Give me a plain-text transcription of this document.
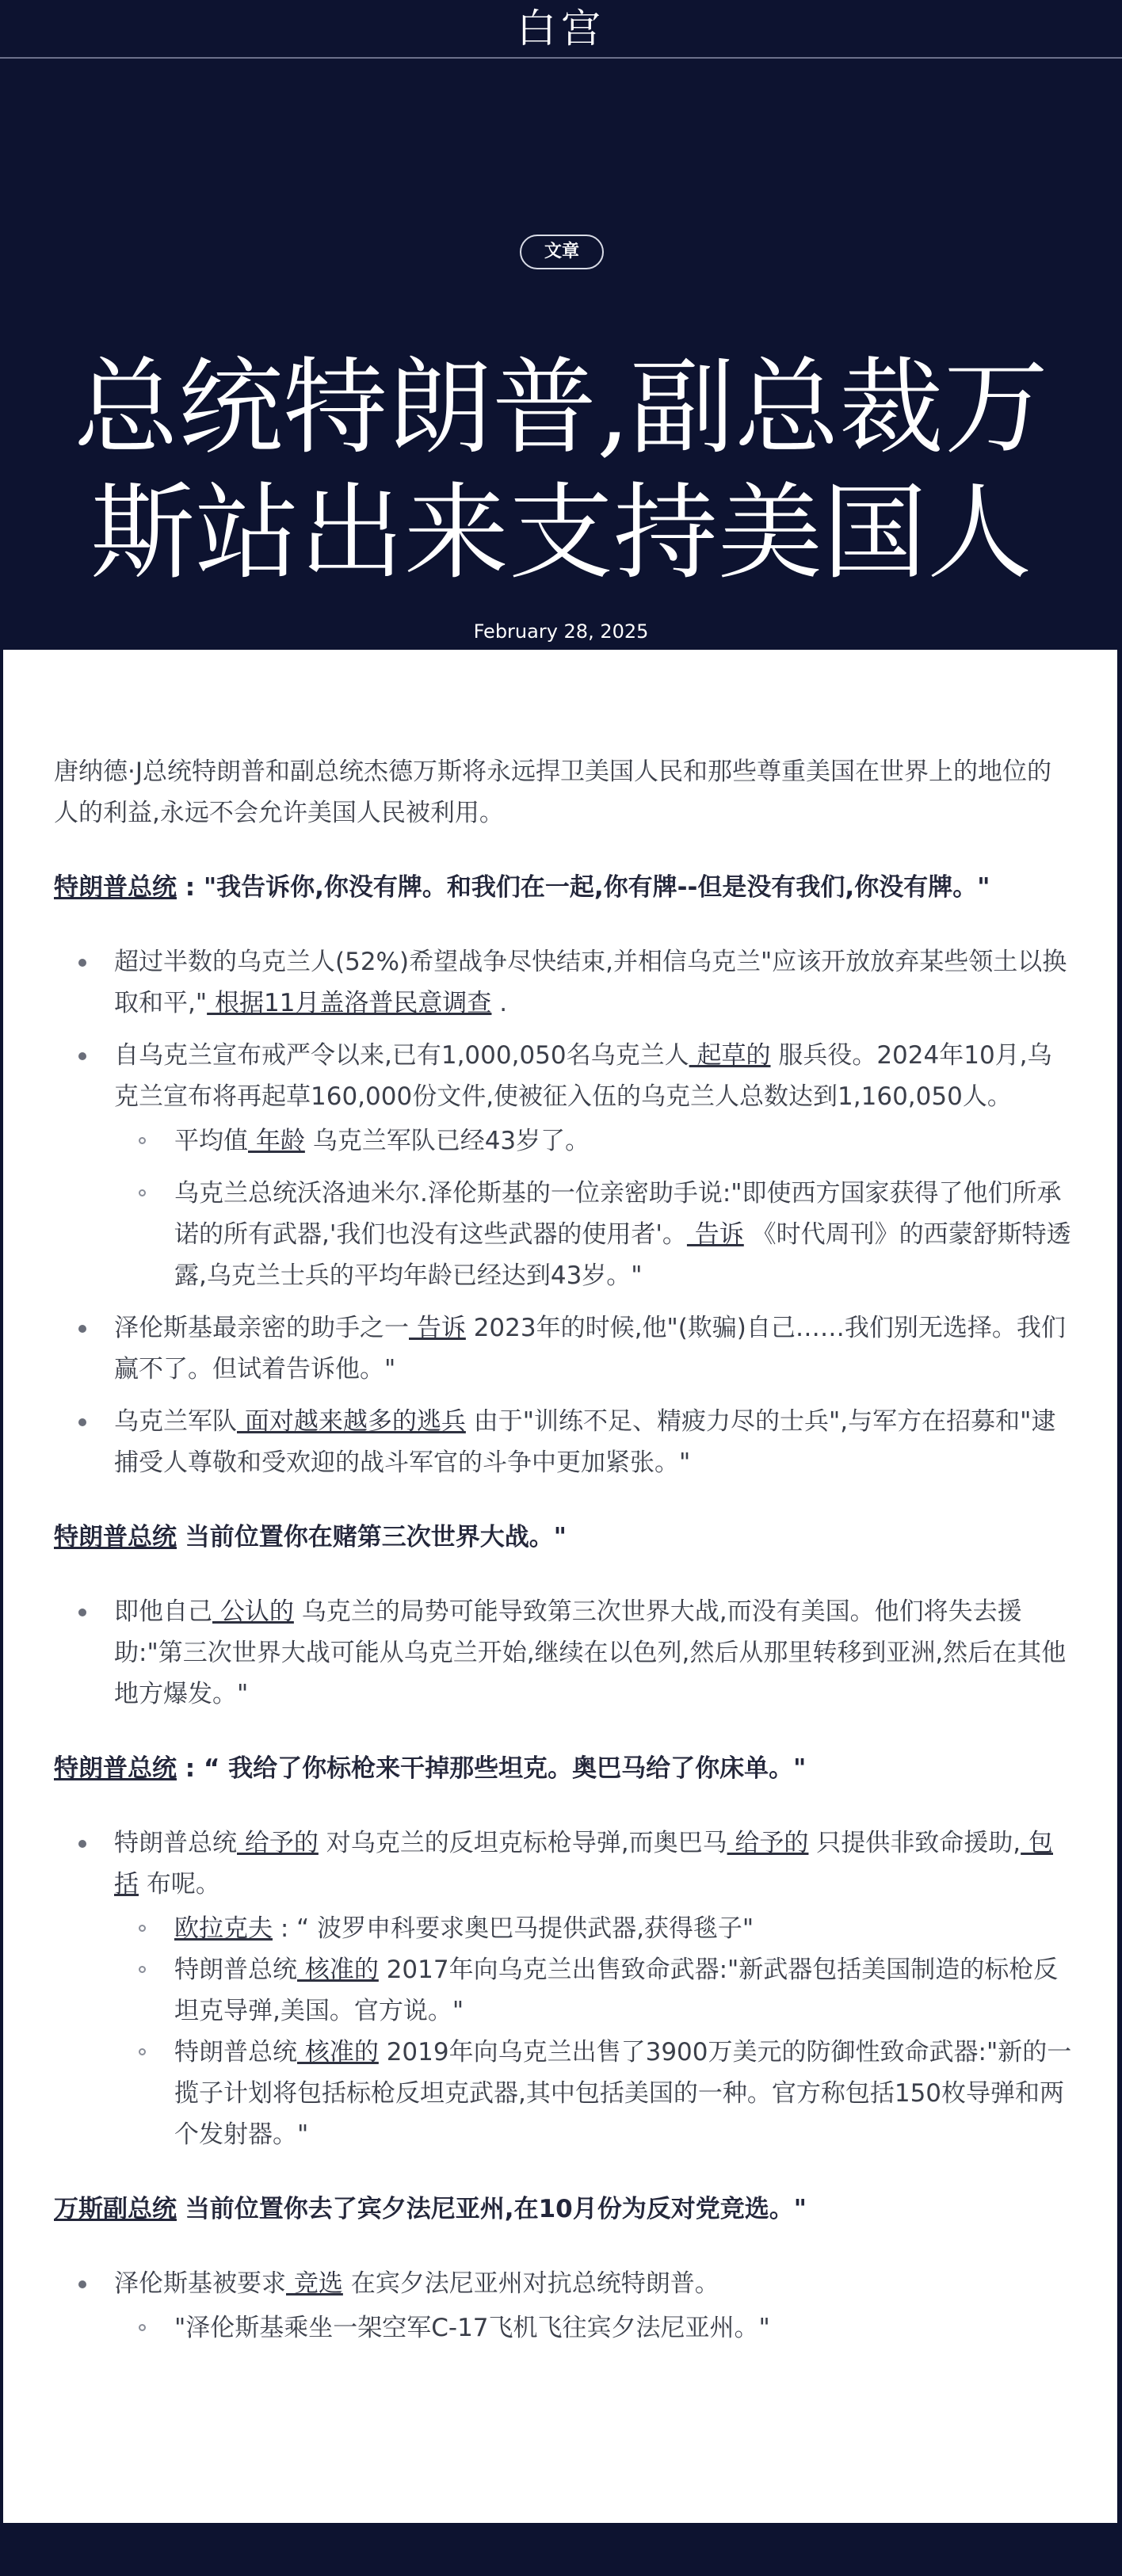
白宫
文章
总统特朗普,副总裁万斯站出来支持美国人
February 28, 2025

唐纳德·J总统特朗普和副总统杰德万斯将永远捍卫美国人民和那些尊重美国在世界上的地位的人的利益,永远不会允许美国人民被利用。

特朗普总统 : "我告诉你,你没有牌。和我们在一起,你有牌--但是没有我们,你没有牌。"

超过半数的乌克兰人(52%)希望战争尽快结束,并相信乌克兰"应该开放放弃某些领土以换取和平," 根据11月盖洛普民意调查 .
自乌克兰宣布戒严令以来,已有1,000,050名乌克兰人 起草的 服兵役。2024年10月,乌克兰宣布将再起草160,000份文件,使被征入伍的乌克兰人总数达到1,160,050人。
平均值 年龄 乌克兰军队已经43岁了。
乌克兰总统沃洛迪米尔.泽伦斯基的一位亲密助手说:"即使西方国家获得了他们所承诺的所有武器,'我们也没有这些武器的使用者'。 告诉 《时代周刊》的西蒙舒斯特透露,乌克兰士兵的平均年龄已经达到43岁。"
泽伦斯基最亲密的助手之一 告诉 2023年的时候,他"(欺骗)自己……我们别无选择。我们赢不了。但试着告诉他。"
乌克兰军队 面对越来越多的逃兵 由于"训练不足、精疲力尽的士兵",与军方在招募和"逮捕受人尊敬和受欢迎的战斗军官的斗争中更加紧张。"

特朗普总统 当前位置你在赌第三次世界大战。"

即他自己 公认的 乌克兰的局势可能导致第三次世界大战,而没有美国。他们将失去援助:"第三次世界大战可能从乌克兰开始,继续在以色列,然后从那里转移到亚洲,然后在其他地方爆发。"

特朗普总统 : “ 我给了你标枪来干掉那些坦克。奥巴马给了你床单。"

特朗普总统 给予的 对乌克兰的反坦克标枪导弹,而奥巴马 给予的 只提供非致命援助, 包括 布呢。
欧拉克夫 : “ 波罗申科要求奥巴马提供武器,获得毯子"
特朗普总统 核准的 2017年向乌克兰出售致命武器:"新武器包括美国制造的标枪反坦克导弹,美国。官方说。"
特朗普总统 核准的 2019年向乌克兰出售了3900万美元的防御性致命武器:"新的一揽子计划将包括标枪反坦克武器,其中包括美国的一种。官方称包括150枚导弹和两个发射器。"

万斯副总统 当前位置你去了宾夕法尼亚州,在10月份为反对党竞选。"

泽伦斯基被要求 竞选 在宾夕法尼亚州对抗总统特朗普。
"泽伦斯基乘坐一架空军C-17飞机飞往宾夕法尼亚州。"
